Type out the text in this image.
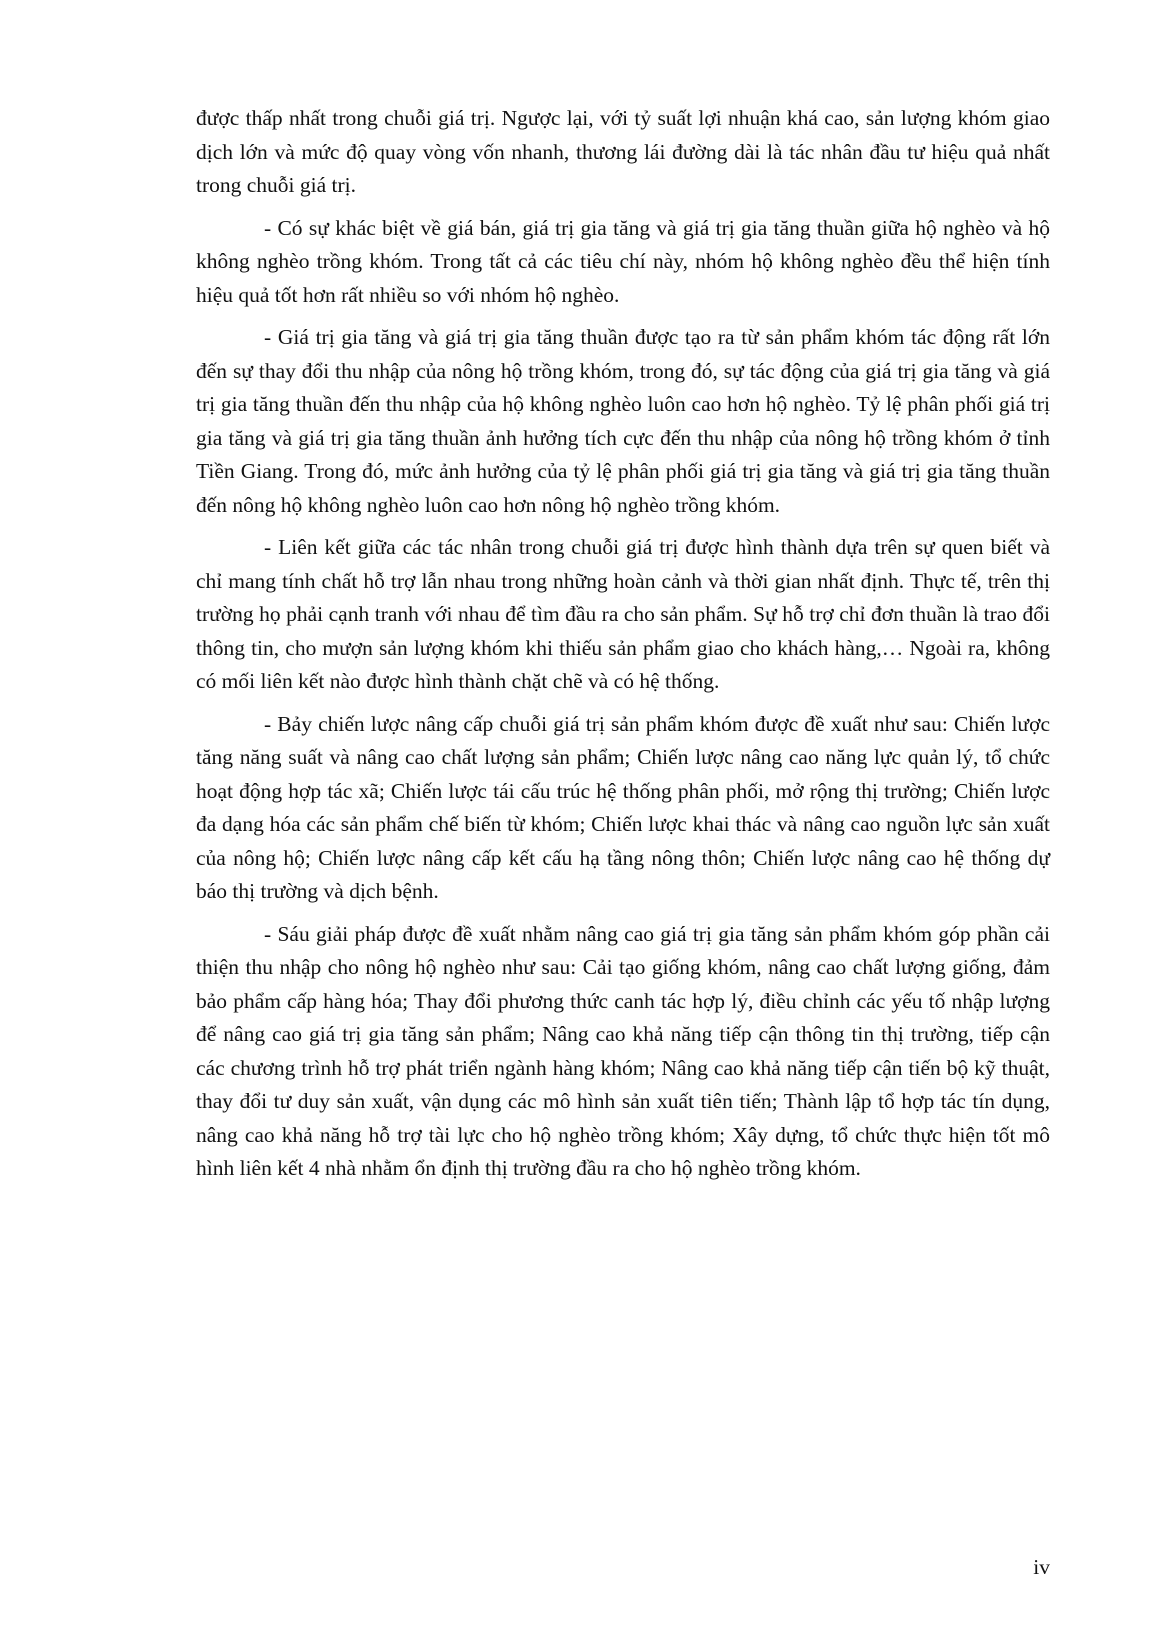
được thấp nhất trong chuỗi giá trị. Ngược lại, với tỷ suất lợi nhuận khá cao, sản lượng khóm giao dịch lớn và mức độ quay vòng vốn nhanh, thương lái đường dài là tác nhân đầu tư hiệu quả nhất trong chuỗi giá trị.

- Có sự khác biệt về giá bán, giá trị gia tăng và giá trị gia tăng thuần giữa hộ nghèo và hộ không nghèo trồng khóm. Trong tất cả các tiêu chí này, nhóm hộ không nghèo đều thể hiện tính hiệu quả tốt hơn rất nhiều so với nhóm hộ nghèo.

- Giá trị gia tăng và giá trị gia tăng thuần được tạo ra từ sản phẩm khóm tác động rất lớn đến sự thay đổi thu nhập của nông hộ trồng khóm, trong đó, sự tác động của giá trị gia tăng và giá trị gia tăng thuần đến thu nhập của hộ không nghèo luôn cao hơn hộ nghèo. Tỷ lệ phân phối giá trị gia tăng và giá trị gia tăng thuần ảnh hưởng tích cực đến thu nhập của nông hộ trồng khóm ở tỉnh Tiền Giang. Trong đó, mức ảnh hưởng của tỷ lệ phân phối giá trị gia tăng và giá trị gia tăng thuần đến nông hộ không nghèo luôn cao hơn nông hộ nghèo trồng khóm.

- Liên kết giữa các tác nhân trong chuỗi giá trị được hình thành dựa trên sự quen biết và chỉ mang tính chất hỗ trợ lẫn nhau trong những hoàn cảnh và thời gian nhất định. Thực tế, trên thị trường họ phải cạnh tranh với nhau để tìm đầu ra cho sản phẩm. Sự hỗ trợ chỉ đơn thuần là trao đổi thông tin, cho mượn sản lượng khóm khi thiếu sản phẩm giao cho khách hàng,… Ngoài ra, không có mối liên kết nào được hình thành chặt chẽ và có hệ thống.

- Bảy chiến lược nâng cấp chuỗi giá trị sản phẩm khóm được đề xuất như sau: Chiến lược tăng năng suất và nâng cao chất lượng sản phẩm; Chiến lược nâng cao năng lực quản lý, tổ chức hoạt động hợp tác xã; Chiến lược tái cấu trúc hệ thống phân phối, mở rộng thị trường; Chiến lược đa dạng hóa các sản phẩm chế biến từ khóm; Chiến lược khai thác và nâng cao nguồn lực sản xuất của nông hộ; Chiến lược nâng cấp kết cấu hạ tầng nông thôn; Chiến lược nâng cao hệ thống dự báo thị trường và dịch bệnh.

- Sáu giải pháp được đề xuất nhằm nâng cao giá trị gia tăng sản phẩm khóm góp phần cải thiện thu nhập cho nông hộ nghèo như sau: Cải tạo giống khóm, nâng cao chất lượng giống, đảm bảo phẩm cấp hàng hóa; Thay đổi phương thức canh tác hợp lý, điều chỉnh các yếu tố nhập lượng để nâng cao giá trị gia tăng sản phẩm; Nâng cao khả năng tiếp cận thông tin thị trường, tiếp cận các chương trình hỗ trợ phát triển ngành hàng khóm; Nâng cao khả năng tiếp cận tiến bộ kỹ thuật, thay đổi tư duy sản xuất, vận dụng các mô hình sản xuất tiên tiến; Thành lập tổ hợp tác tín dụng, nâng cao khả năng hỗ trợ tài lực cho hộ nghèo trồng khóm; Xây dựng, tổ chức thực hiện tốt mô hình liên kết 4 nhà nhằm ổn định thị trường đầu ra cho hộ nghèo trồng khóm.

iv
